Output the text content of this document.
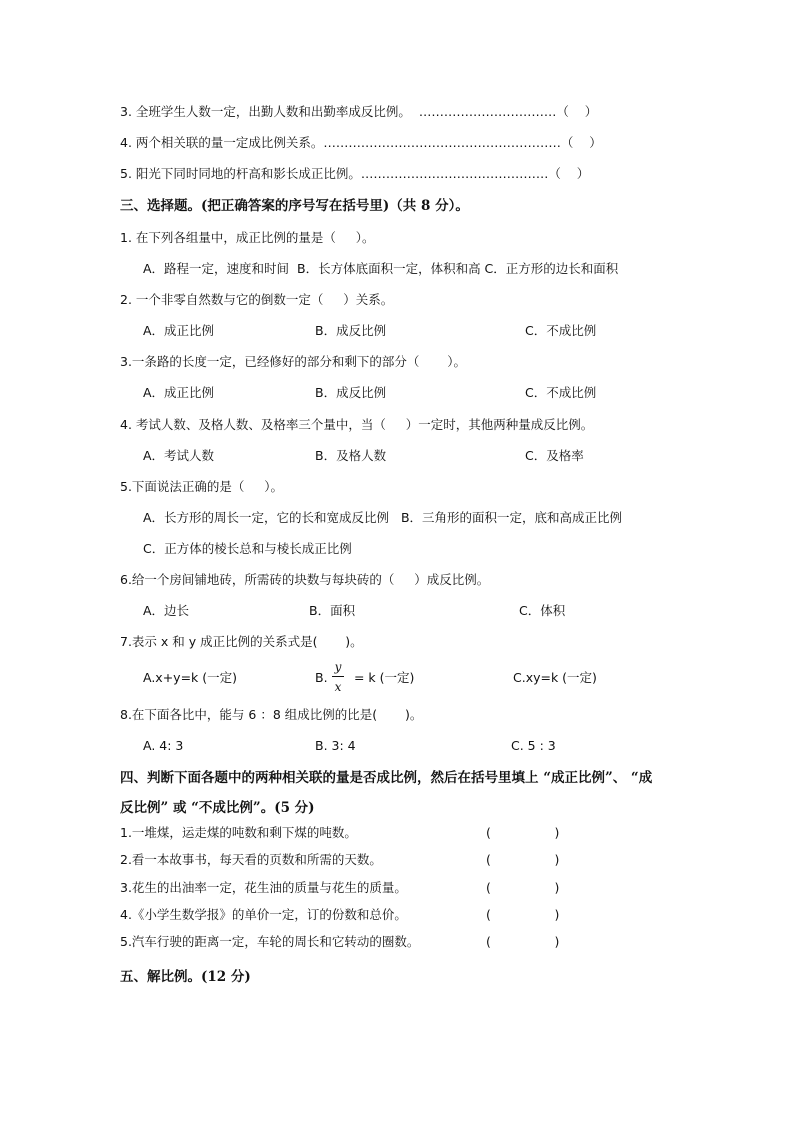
3. 全班学生人数一定，出勤人数和出勤率成反比例。  ……………………………（    ）
4. 两个相关联的量一定成比例关系。…………………………………………………（    ）
5. 阳光下同时同地的杆高和影长成正比例。………………………………………（    ）
三、选择题。(把正确答案的序号写在括号里)（共 8 分）。
1. 在下列各组量中，成正比例的量是（     ）。
A．路程一定，速度和时间  B．长方体底面积一定，体积和高 C．正方形的边长和面积
2. 一个非零自然数与它的倒数一定（     ）关系。
A．成正比例	B．成反比例	C．不成比例
3.一条路的长度一定，已经修好的部分和剩下的部分（       ）。
A．成正比例	B．成反比例	C．不成比例
4. 考试人数、及格人数、及格率三个量中，当（     ）一定时，其他两种量成反比例。
A．考试人数	B．及格人数	C．及格率
5.下面说法正确的是（     ）。
A．长方形的周长一定，它的长和宽成反比例   B．三角形的面积一定，底和高成正比例
C．正方体的棱长总和与棱长成正比例
6.给一个房间铺地砖，所需砖的块数与每块砖的（     ）成反比例。
A．边长	B．面积	C．体积
7.表示 x 和 y 成正比例的关系式是(       )。
A.x+y=k (一定)	B.
y
x
= k (一定)	C.xy=k (一定)
8.在下面各比中，能与 6 ：8 组成比例的比是(       )。
A. 4: 3	B. 3: 4	C. 5 : 3
四、判断下面各题中的两种相关联的量是否成比例，然后在括号里填上 “成正比例”、 “成
反比例” 或 “不成比例”。(5 分)
1.一堆煤，运走煤的吨数和剩下煤的吨数。	(                )
2.看一本故事书，每天看的页数和所需的天数。	(                )
3.花生的出油率一定，花生油的质量与花生的质量。	(                )
4.《小学生数学报》的单价一定，订的份数和总价。	(                )
5.汽车行驶的距离一定，车轮的周长和它转动的圈数。	(                )
五、解比例。(12 分)
